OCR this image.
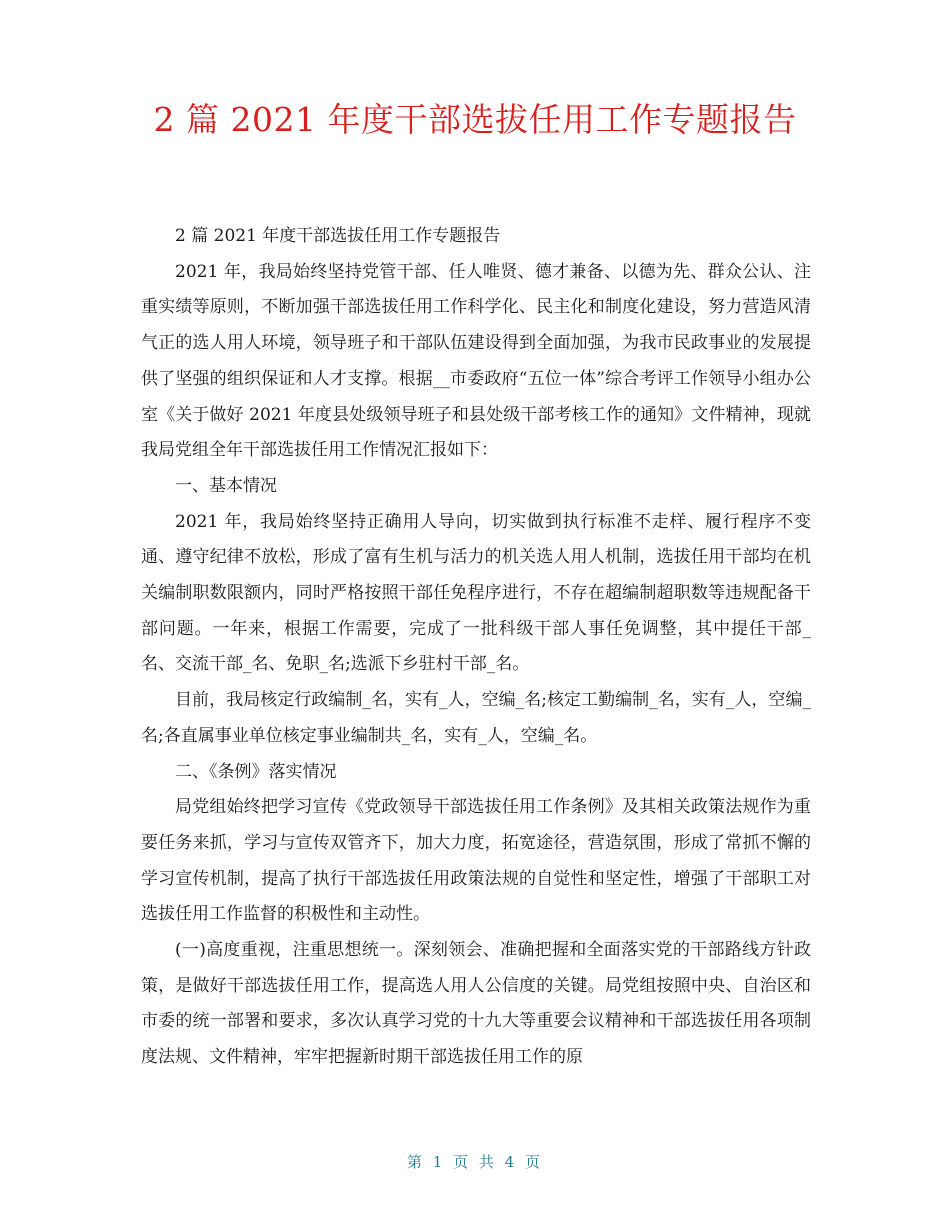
2 篇 2021 年度干部选拔任用工作专题报告

2 篇 2021 年度干部选拔任用工作专题报告

2021 年，我局始终坚持党管干部、任人唯贤、德才兼备、以德为先、群众公认、注重实绩等原则，不断加强干部选拔任用工作科学化、民主化和制度化建设，努力营造风清气正的选人用人环境，领导班子和干部队伍建设得到全面加强，为我市民政事业的发展提供了坚强的组织保证和人才支撑。根据__市委政府“五位一体”综合考评工作领导小组办公室《关于做好 2021 年度县处级领导班子和县处级干部考核工作的通知》文件精神，现就我局党组全年干部选拔任用工作情况汇报如下：

一、基本情况

2021 年，我局始终坚持正确用人导向，切实做到执行标准不走样、履行程序不变通、遵守纪律不放松，形成了富有生机与活力的机关选人用人机制，选拔任用干部均在机关编制职数限额内，同时严格按照干部任免程序进行，不存在超编制超职数等违规配备干部问题。一年来，根据工作需要，完成了一批科级干部人事任免调整，其中提任干部_名、交流干部_名、免职_名;选派下乡驻村干部_名。

目前，我局核定行政编制_名，实有_人，空编_名;核定工勤编制_名，实有_人，空编_名;各直属事业单位核定事业编制共_名，实有_人，空编_名。

二、《条例》落实情况

局党组始终把学习宣传《党政领导干部选拔任用工作条例》及其相关政策法规作为重要任务来抓，学习与宣传双管齐下，加大力度，拓宽途径，营造氛围，形成了常抓不懈的学习宣传机制，提高了执行干部选拔任用政策法规的自觉性和坚定性，增强了干部职工对选拔任用工作监督的积极性和主动性。

(一)高度重视，注重思想统一。深刻领会、准确把握和全面落实党的干部路线方针政策，是做好干部选拔任用工作，提高选人用人公信度的关键。局党组按照中央、自治区和市委的统一部署和要求，多次认真学习党的十九大等重要会议精神和干部选拔任用各项制度法规、文件精神，牢牢把握新时期干部选拔任用工作的原

第 1 页 共 4 页
